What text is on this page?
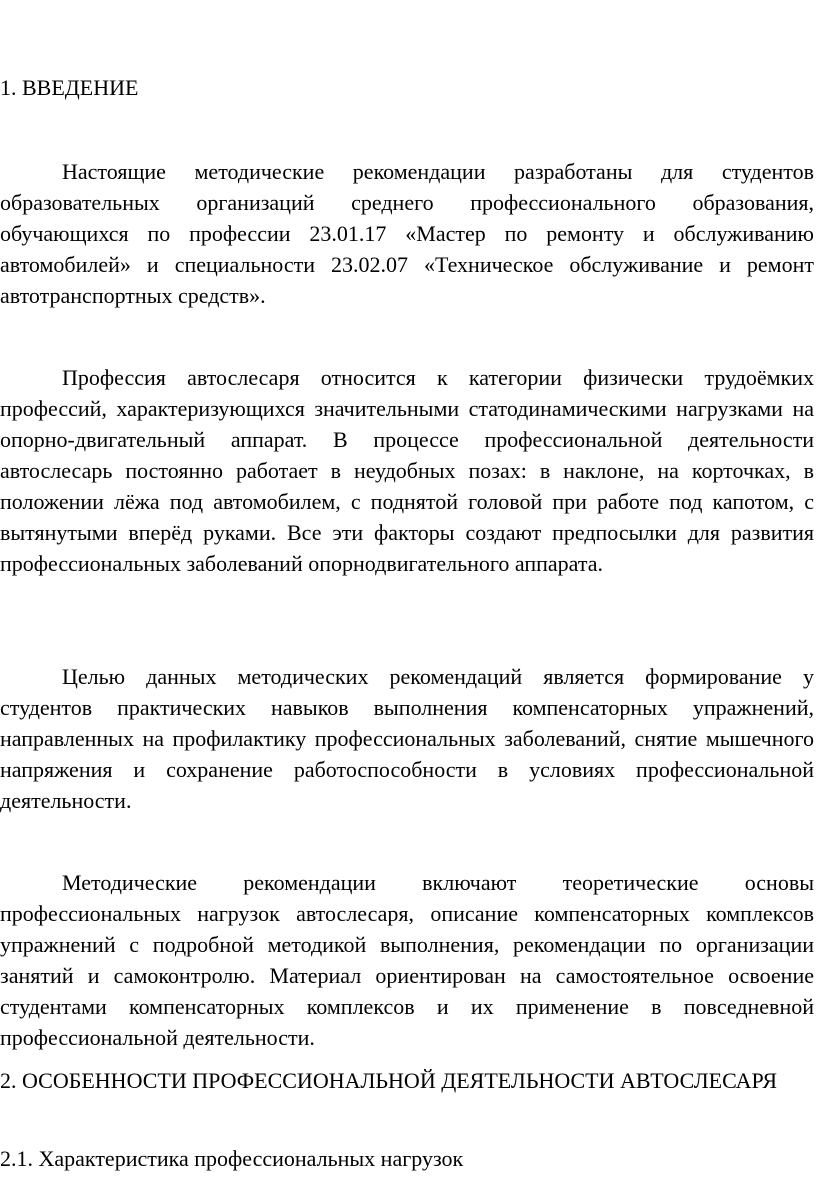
1. ВВЕДЕНИЕ

Настоящие методические рекомендации разработаны для студентов образовательных организаций среднего профессионального образования, обучающихся по профессии 23.01.17 «Мастер по ремонту и обслуживанию автомобилей» и специальности 23.02.07 «Техническое обслуживание и ремонт автотранспортных средств».

Профессия автослесаря относится к категории физически трудоёмких профессий, характеризующихся значительными статодинамическими нагрузками на опорно-двигательный аппарат. В процессе профессиональной деятельности автослесарь постоянно работает в неудобных позах: в наклоне, на корточках, в положении лёжа под автомобилем, с поднятой головой при работе под капотом, с вытянутыми вперёд руками. Все эти факторы создают предпосылки для развития профессиональных заболеваний опорнодвигательного аппарата.

Целью данных методических рекомендаций является формирование у студентов практических навыков выполнения компенсаторных упражнений, направленных на профилактику профессиональных заболеваний, снятие мышечного напряжения и сохранение работоспособности в условиях профессиональной деятельности.

Методические рекомендации включают теоретические основы профессиональных нагрузок автослесаря, описание компенсаторных комплексов упражнений с подробной методикой выполнения, рекомендации по организации занятий и самоконтролю. Материал ориентирован на самостоятельное освоение студентами компенсаторных комплексов и их применение в повседневной профессиональной деятельности.

2. ОСОБЕННОСТИ ПРОФЕССИОНАЛЬНОЙ ДЕЯТЕЛЬНОСТИ АВТОСЛЕСАРЯ
2.1. Характеристика профессиональных нагрузок
